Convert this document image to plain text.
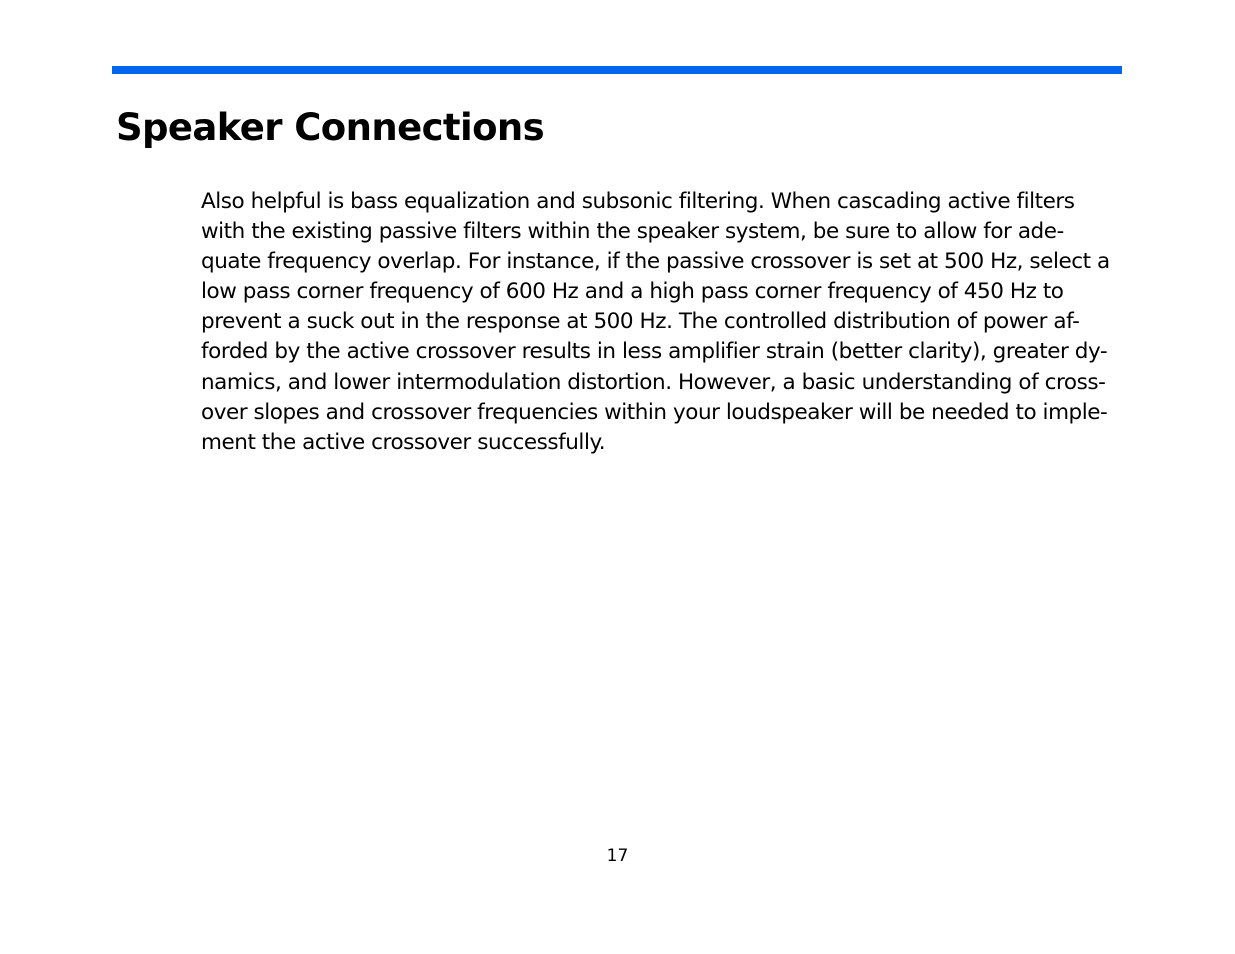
Speaker Connections

Also helpful is bass equalization and subsonic filtering. When cascading active filters
with the existing passive filters within the speaker system, be sure to allow for ade-
quate frequency overlap. For instance, if the passive crossover is set at 500 Hz, select a
low pass corner frequency of 600 Hz and a high pass corner frequency of 450 Hz to
prevent a suck out in the response at 500 Hz. The controlled distribution of power af-
forded by the active crossover results in less amplifier strain (better clarity), greater dy-
namics, and lower intermodulation distortion. However, a basic understanding of cross-
over slopes and crossover frequencies within your loudspeaker will be needed to imple-
ment the active crossover successfully.

17
